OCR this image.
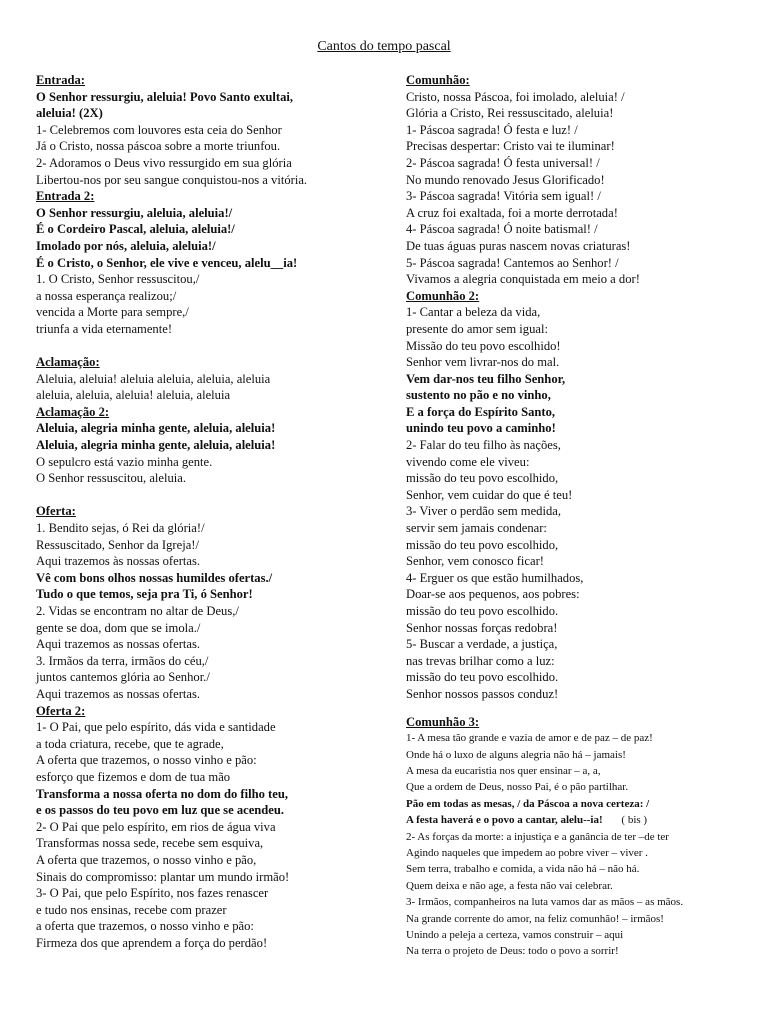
Cantos do tempo pascal
Entrada:
O Senhor ressurgiu, aleluia! Povo Santo exultai,
aleluia! (2X)
1- Celebremos com louvores esta ceia do Senhor
Já o Cristo, nossa páscoa sobre a morte triunfou.
2- Adoramos o Deus vivo ressurgido em sua glória
Libertou-nos por seu sangue conquistou-nos a vitória.
Entrada 2:
O Senhor ressurgiu, aleluia, aleluia!/
É o Cordeiro Pascal, aleluia, aleluia!/
Imolado por nós, aleluia, aleluia!/
É o Cristo, o Senhor, ele vive e venceu, alelu__ia!
1. O Cristo, Senhor ressuscitou,/
a nossa esperança realizou;/
vencida a Morte para sempre,/
triunfa a vida eternamente!
Aclamação:
Aleluia, aleluia! aleluia aleluia, aleluia, aleluia
aleluia, aleluia, aleluia! aleluia, aleluia
Aclamação 2:
Aleluia, alegria minha gente, aleluia, aleluia!
Aleluia, alegria minha gente, aleluia, aleluia!
O sepulcro está vazio minha gente.
O Senhor ressuscitou, aleluia.
Oferta:
1. Bendito sejas, ó Rei da glória!/
Ressuscitado, Senhor da Igreja!/
Aqui trazemos às nossas ofertas.
Vê com bons olhos nossas humildes ofertas./
Tudo o que temos, seja pra Ti, ó Senhor!
2. Vidas se encontram no altar de Deus,/
gente se doa, dom que se imola./
Aqui trazemos as nossas ofertas.
3. Irmãos da terra, irmãos do céu,/
juntos cantemos glória ao Senhor./
Aqui trazemos as nossas ofertas.
Oferta 2:
1- O Pai, que pelo espírito, dás vida e santidade
a toda criatura, recebe, que te agrade,
A oferta que trazemos, o nosso vinho e pão:
esforço que fizemos e dom de tua mão
Transforma a nossa oferta no dom do filho teu,
e os passos do teu povo em luz que se acendeu.
2- O Pai que pelo espírito, em rios de água viva
Transformas nossa sede, recebe sem esquiva,
A oferta que trazemos, o nosso vinho e pão,
Sinais do compromisso: plantar um mundo irmão!
3- O Pai, que pelo Espírito, nos fazes renascer
e tudo nos ensinas, recebe com prazer
a oferta que trazemos, o nosso vinho e pão:
Firmeza dos que aprendem a força do perdão!
Comunhão:
Cristo, nossa Páscoa, foi imolado, aleluia! /
Glória a Cristo, Rei ressuscitado, aleluia!
1- Páscoa sagrada! Ó festa e luz! /
Precisas despertar: Cristo vai te iluminar!
2- Páscoa sagrada! Ó festa universal! /
No mundo renovado Jesus Glorificado!
3- Páscoa sagrada! Vitória sem igual! /
A cruz foi exaltada, foi a morte derrotada!
4- Páscoa sagrada! Ó noite batismal! /
De tuas águas puras nascem novas criaturas!
5- Páscoa sagrada! Cantemos ao Senhor! /
Vivamos a alegria conquistada em meio a dor!
Comunhão 2:
1- Cantar a beleza da vida,
presente do amor sem igual:
Missão do teu povo escolhido!
Senhor vem livrar-nos do mal.
Vem dar-nos teu filho Senhor,
sustento no pão e no vinho,
E a força do Espírito Santo,
unindo teu povo a caminho!
2- Falar do teu filho às nações,
vivendo come ele viveu:
missão do teu povo escolhido,
Senhor, vem cuidar do que é teu!
3- Viver o perdão sem medida,
servir sem jamais condenar:
missão do teu povo escolhido,
Senhor, vem conosco ficar!
4- Erguer os que estão humilhados,
Doar-se aos pequenos, aos pobres:
missão do teu povo escolhido.
Senhor nossas forças redobra!
5- Buscar a verdade, a justiça,
nas trevas brilhar como a luz:
missão do teu povo escolhido.
Senhor nossos passos conduz!
Comunhão 3:
1- A mesa tão grande e vazia de amor e de paz – de paz!
Onde há o luxo de alguns alegria não há – jamais!
A mesa da eucaristia nos quer ensinar – a, a,
Que a ordem de Deus, nosso Pai, é o pão partilhar.
Pão em todas as mesas, / da Páscoa a nova certeza: /
A festa haverá e o povo a cantar, alelu--ia! ( bis )
2- As forças da morte: a injustiça e a ganância de ter –de ter
Agindo naqueles que impedem ao pobre viver – viver .
Sem terra, trabalho e comida, a vida não há – não há.
Quem deixa e não age, a festa não vai celebrar.
3- Irmãos, companheiros na luta vamos dar as mãos – as mãos.
Na grande corrente do amor, na feliz comunhão! – irmãos!
Unindo a peleja a certeza, vamos construir – aqui
Na terra o projeto de Deus: todo o povo a sorrir!
